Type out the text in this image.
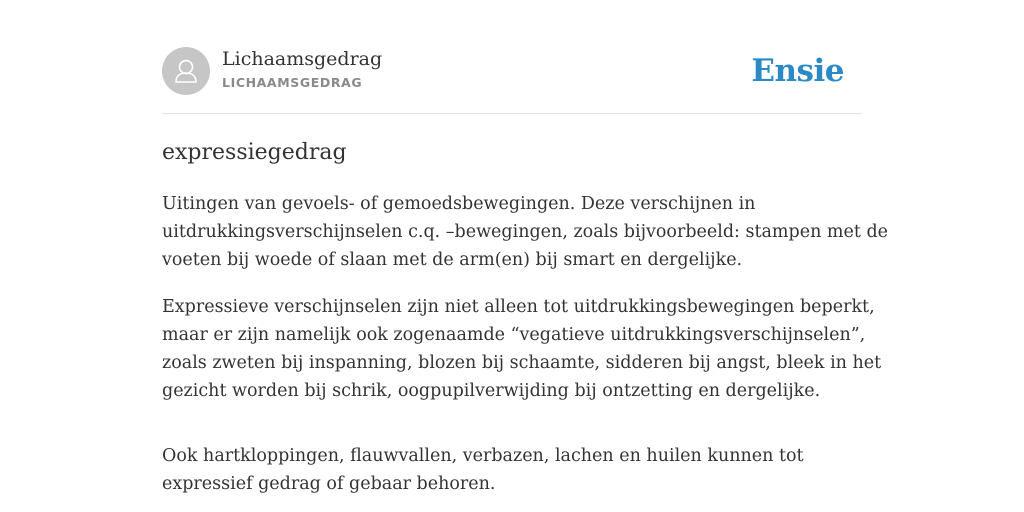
Lichaamsgedrag
LICHAAMSGEDRAG	Ensie
expressiegedrag

Uitingen van gevoels- of gemoedsbewegingen. Deze verschijnen in
uitdrukkingsverschijnselen c.q. –bewegingen, zoals bijvoorbeeld: stampen met de
voeten bij woede of slaan met de arm(en) bij smart en dergelijke.

Expressieve verschijnselen zijn niet alleen tot uitdrukkingsbewegingen beperkt,
maar er zijn namelijk ook zogenaamde “vegatieve uitdrukkingsverschijnselen”,
zoals zweten bij inspanning, blozen bij schaamte, sidderen bij angst, bleek in het
gezicht worden bij schrik, oogpupilverwijding bij ontzetting en dergelijke.

Ook hartkloppingen, flauwvallen, verbazen, lachen en huilen kunnen tot
expressief gedrag of gebaar behoren.
